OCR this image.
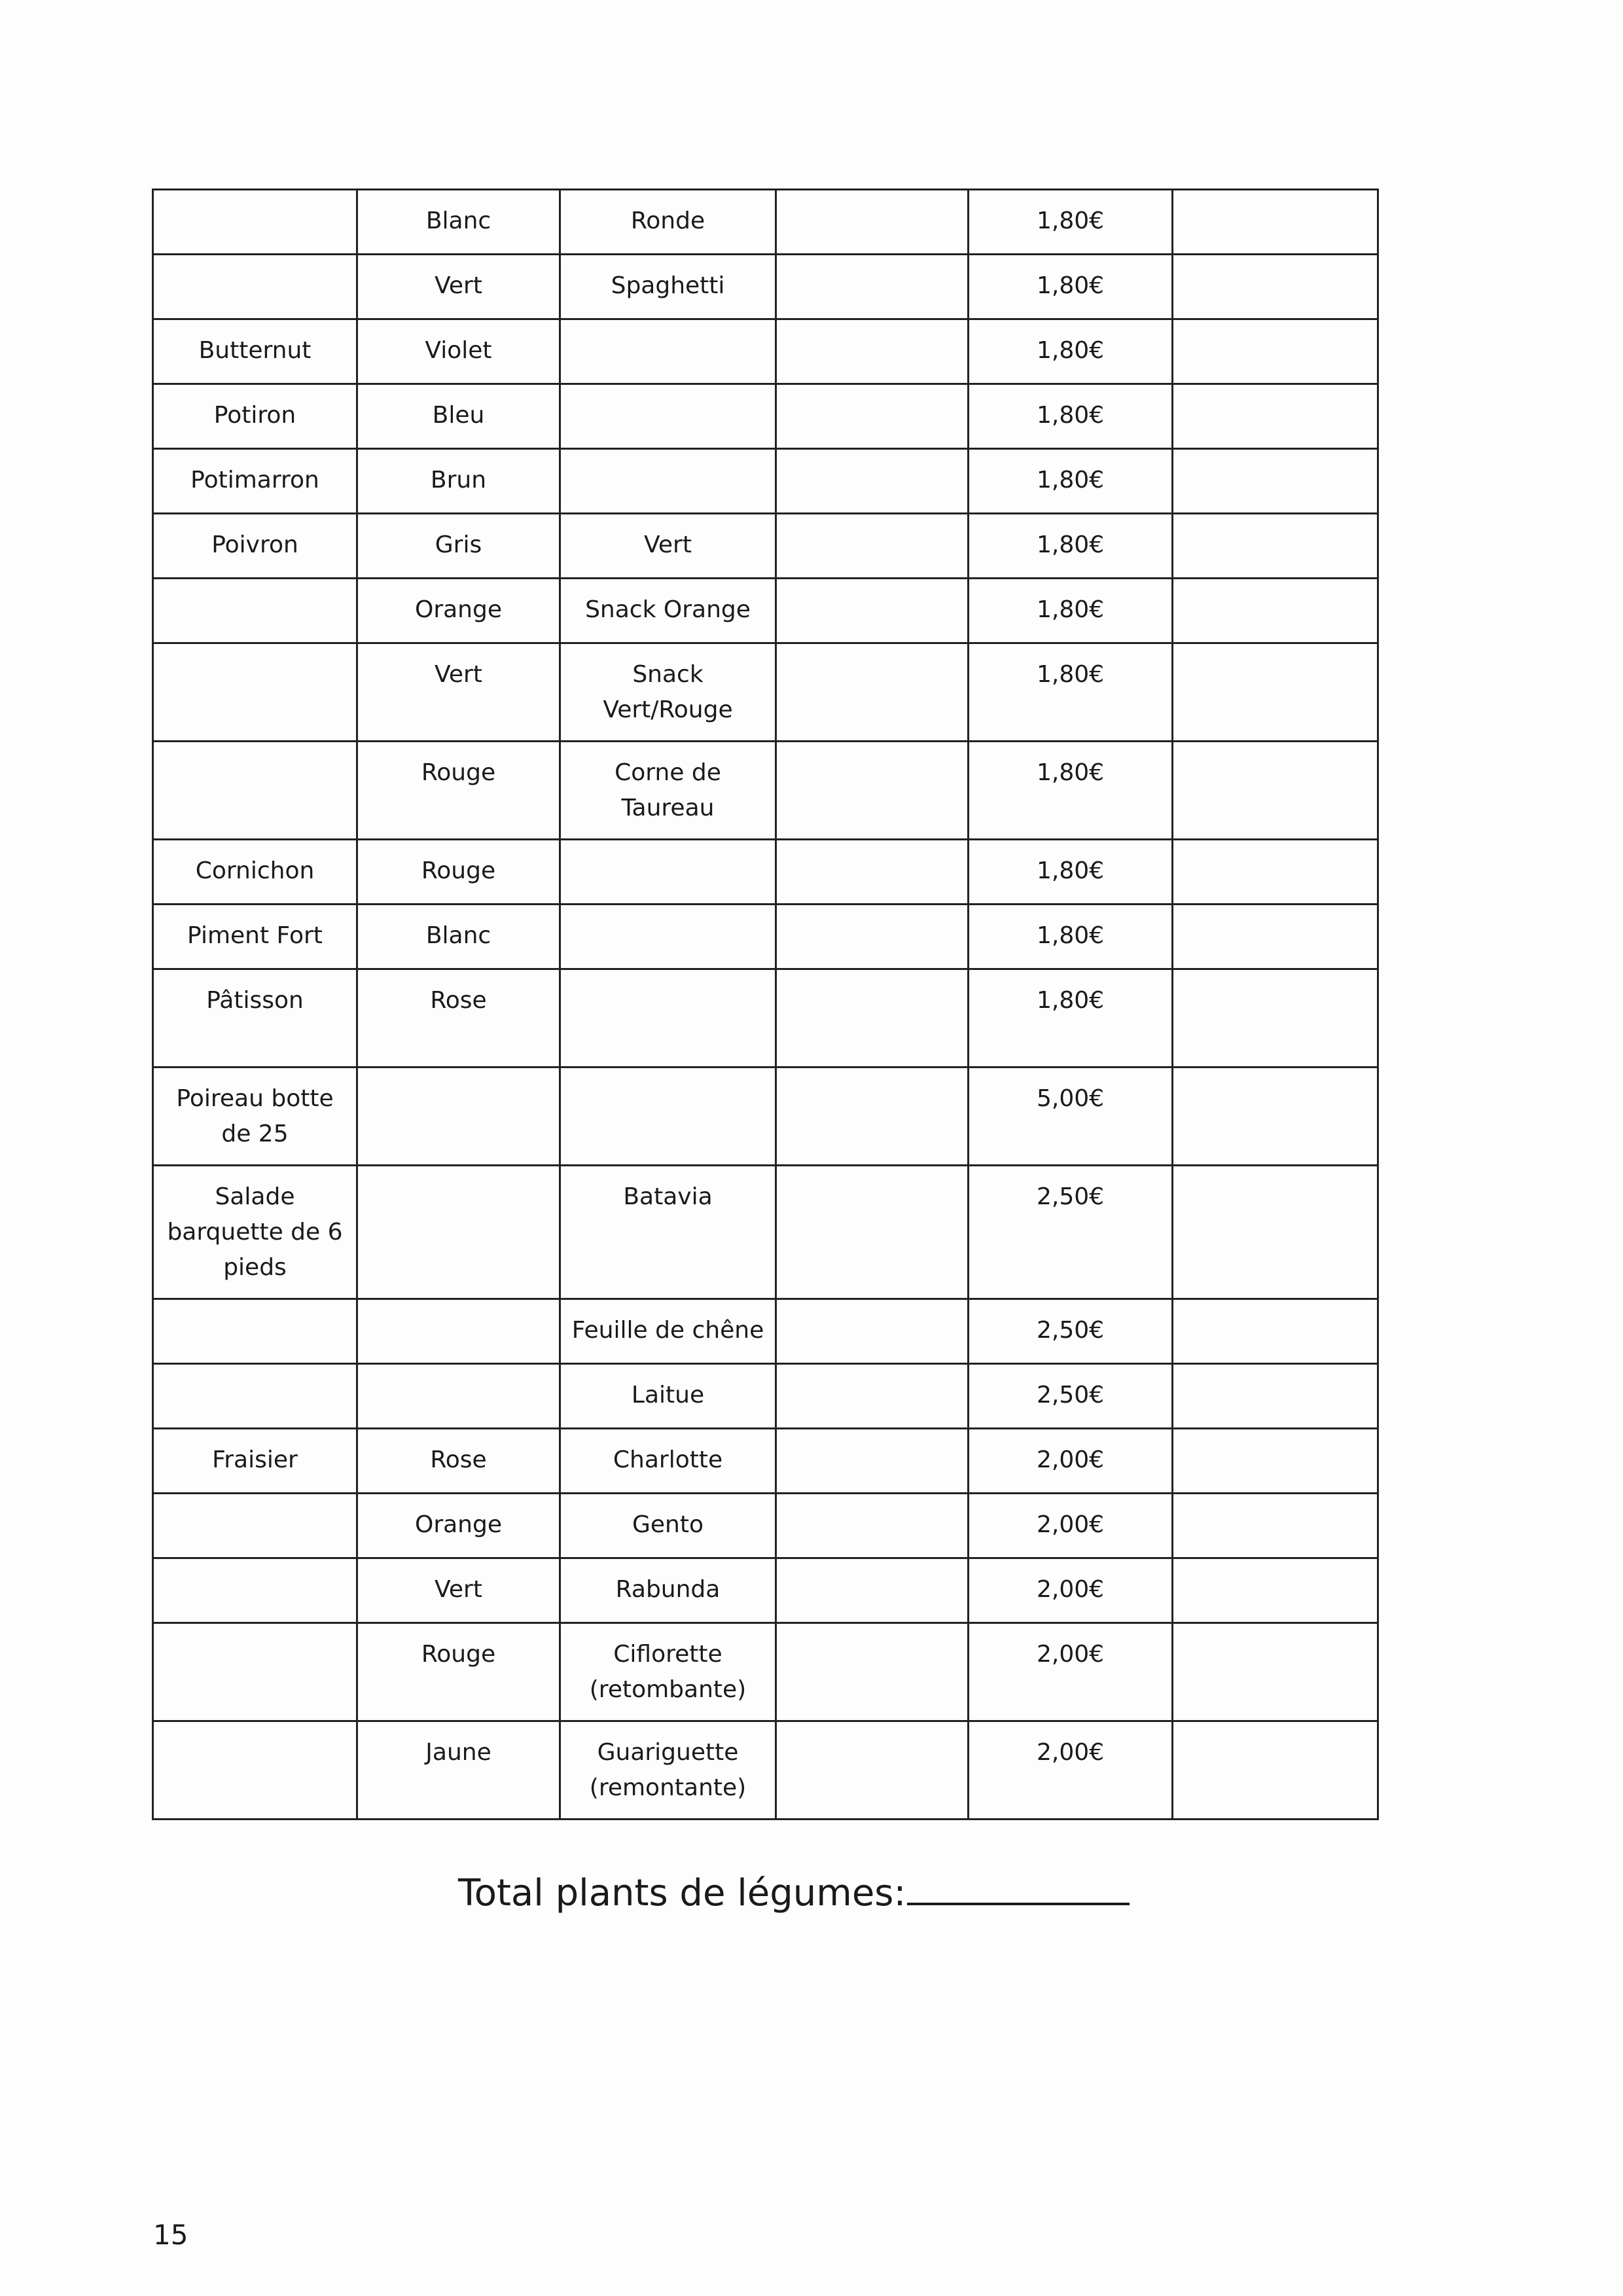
	Blanc	Ronde		1,80€	
	Vert	Spaghetti		1,80€	
Butternut	Violet			1,80€	
Potiron	Bleu			1,80€	
Potimarron	Brun			1,80€	
Poivron	Gris	Vert		1,80€	
	Orange	Snack Orange		1,80€	
	Vert	Snack Vert/Rouge		1,80€	
	Rouge	Corne de Taureau		1,80€	
Cornichon	Rouge			1,80€	
Piment Fort	Blanc			1,80€	
Pâtisson	Rose			1,80€	
Poireau botte de 25				5,00€	
Salade barquette de 6 pieds		Batavia		2,50€	
		Feuille de chêne		2,50€	
		Laitue		2,50€	
Fraisier	Rose	Charlotte		2,00€	
	Orange	Gento		2,00€	
	Vert	Rabunda		2,00€	
	Rouge	Ciflorette (retombante)		2,00€	
	Jaune	Guariguette (remontante)		2,00€	
Total plants de légumes:
15
